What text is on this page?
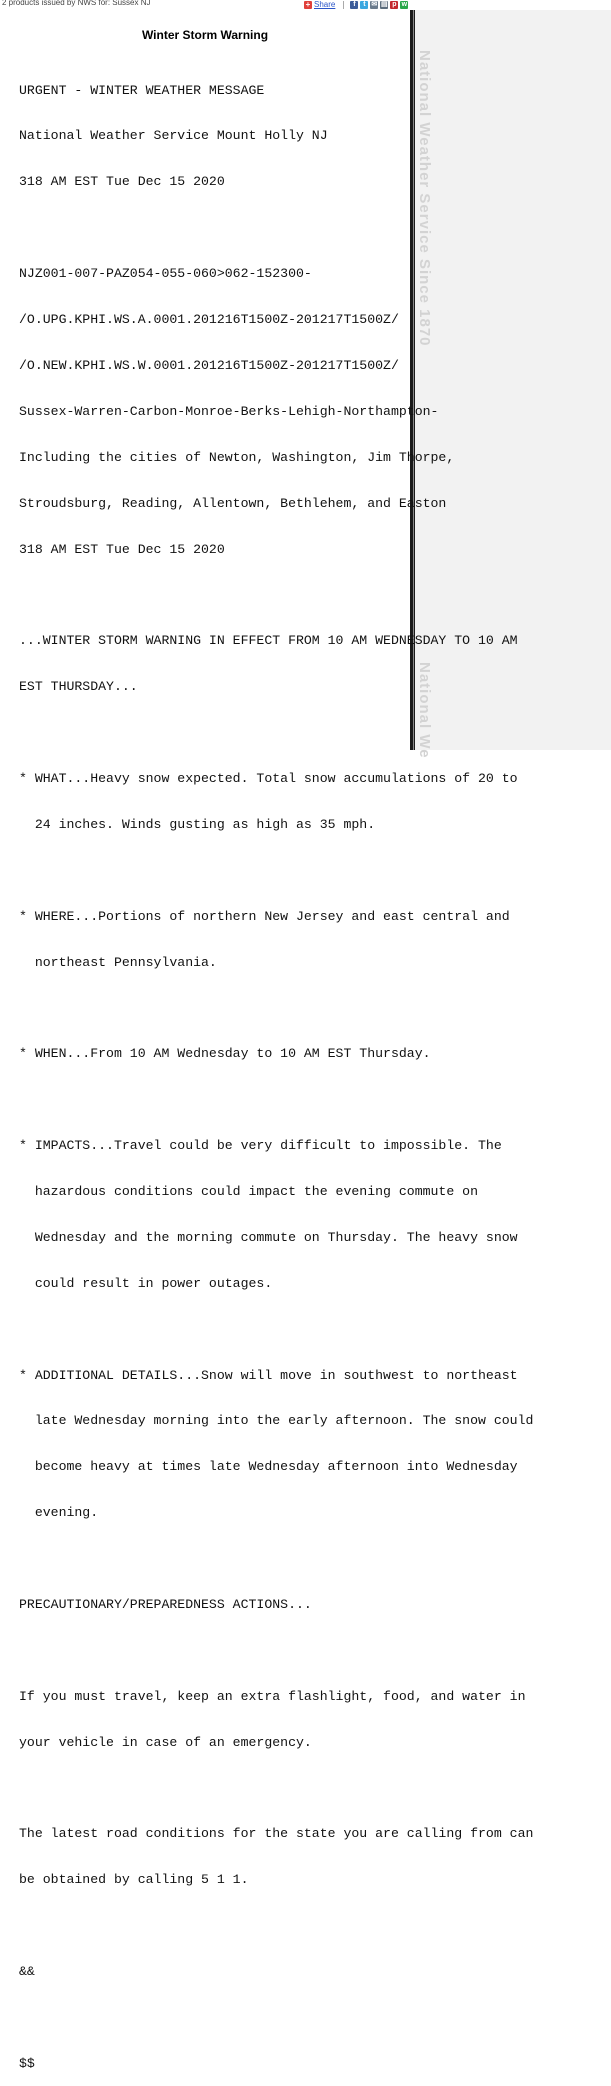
2 products issued by NWS for: Sussex NJ	+ Share	f	t ✉ ▤ p w
National Weather Service Since 1870
National We
Winter Storm Warning

URGENT - WINTER WEATHER MESSAGE

National Weather Service Mount Holly NJ

318 AM EST Tue Dec 15 2020

NJZ001-007-PAZ054-055-060>062-152300-

/O.UPG.KPHI.WS.A.0001.201216T1500Z-201217T1500Z/

/O.NEW.KPHI.WS.W.0001.201216T1500Z-201217T1500Z/

Sussex-Warren-Carbon-Monroe-Berks-Lehigh-Northampton-

Including the cities of Newton, Washington, Jim Thorpe,

Stroudsburg, Reading, Allentown, Bethlehem, and Easton

318 AM EST Tue Dec 15 2020

...WINTER STORM WARNING IN EFFECT FROM 10 AM WEDNESDAY TO 10 AM

EST THURSDAY...

* WHAT...Heavy snow expected. Total snow accumulations of 20 to

24 inches. Winds gusting as high as 35 mph.

* WHERE...Portions of northern New Jersey and east central and

northeast Pennsylvania.

* WHEN...From 10 AM Wednesday to 10 AM EST Thursday.

* IMPACTS...Travel could be very difficult to impossible. The

hazardous conditions could impact the evening commute on

Wednesday and the morning commute on Thursday. The heavy snow

could result in power outages.

* ADDITIONAL DETAILS...Snow will move in southwest to northeast

late Wednesday morning into the early afternoon. The snow could

become heavy at times late Wednesday afternoon into Wednesday

evening.

PRECAUTIONARY/PREPAREDNESS ACTIONS...

If you must travel, keep an extra flashlight, food, and water in

your vehicle in case of an emergency.

The latest road conditions for the state you are calling from can

be obtained by calling 5 1 1.

&&

$$
